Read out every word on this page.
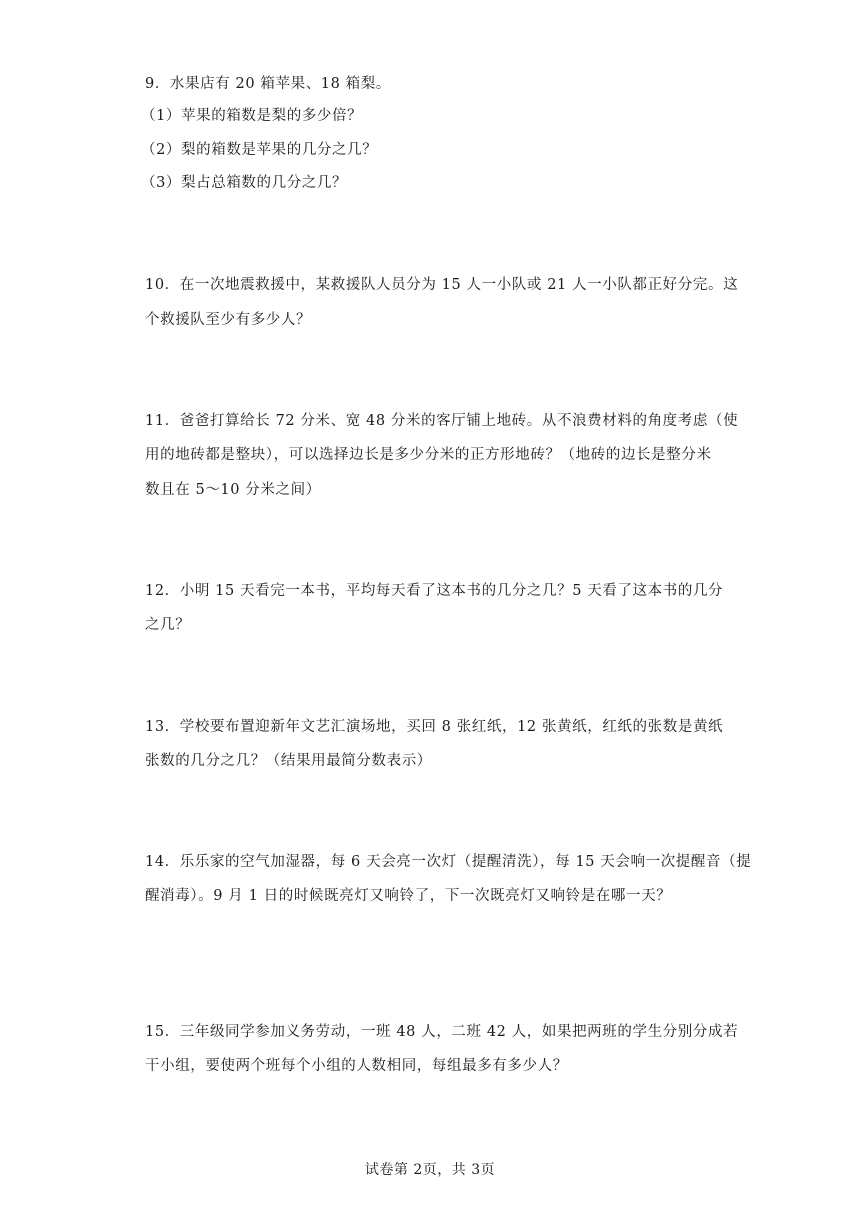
9．水果店有 20 箱苹果、18 箱梨。
（1）苹果的箱数是梨的多少倍？
（2）梨的箱数是苹果的几分之几？
（3）梨占总箱数的几分之几？
10．在一次地震救援中，某救援队人员分为 15 人一小队或 21 人一小队都正好分完。这
个救援队至少有多少人？
11．爸爸打算给长 72 分米、宽 48 分米的客厅铺上地砖。从不浪费材料的角度考虑（使
用的地砖都是整块），可以选择边长是多少分米的正方形地砖？（地砖的边长是整分米
数且在 5～10 分米之间）
12．小明 15 天看完一本书，平均每天看了这本书的几分之几？5 天看了这本书的几分
之几？
13．学校要布置迎新年文艺汇演场地，买回 8 张红纸，12 张黄纸，红纸的张数是黄纸
张数的几分之几？（结果用最简分数表示）
14．乐乐家的空气加湿器，每 6 天会亮一次灯（提醒清洗），每 15 天会响一次提醒音（提
醒消毒）。9 月 1 日的时候既亮灯又响铃了，下一次既亮灯又响铃是在哪一天？
15．三年级同学参加义务劳动，一班 48 人，二班 42 人，如果把两班的学生分别分成若
干小组，要使两个班每个小组的人数相同，每组最多有多少人？
试卷第 2页，共 3页
